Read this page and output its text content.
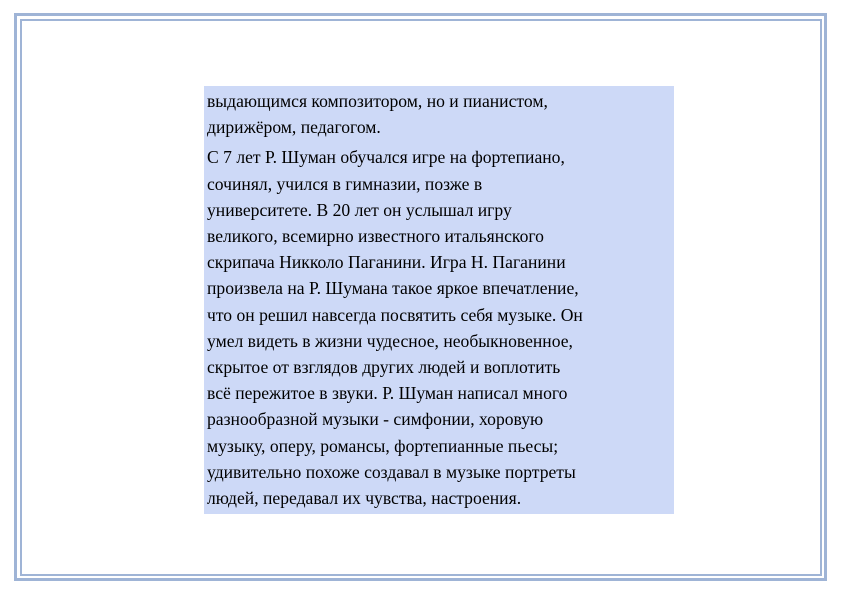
выдающимся композитором, но и пианистом,
дирижёром, педагогом.

С 7 лет Р. Шуман обучался игре на фортепиано,
сочинял, учился в гимназии, позже в
университете. В 20 лет он услышал игру
великого, всемирно известного итальянского
скрипача Никколо Паганини. Игра Н. Паганини
произвела на Р. Шумана такое яркое впечатление,
что он решил навсегда посвятить себя музыке. Он
умел видеть в жизни чудесное, необыкновенное,
скрытое от взглядов других людей и воплотить
всё пережитое в звуки. Р. Шуман написал много
разнообразной музыки - симфонии, хоровую
музыку, оперу, романсы, фортепианные пьесы;
удивительно похоже создавал в музыке портреты
людей, передавал их чувства, настроения.
